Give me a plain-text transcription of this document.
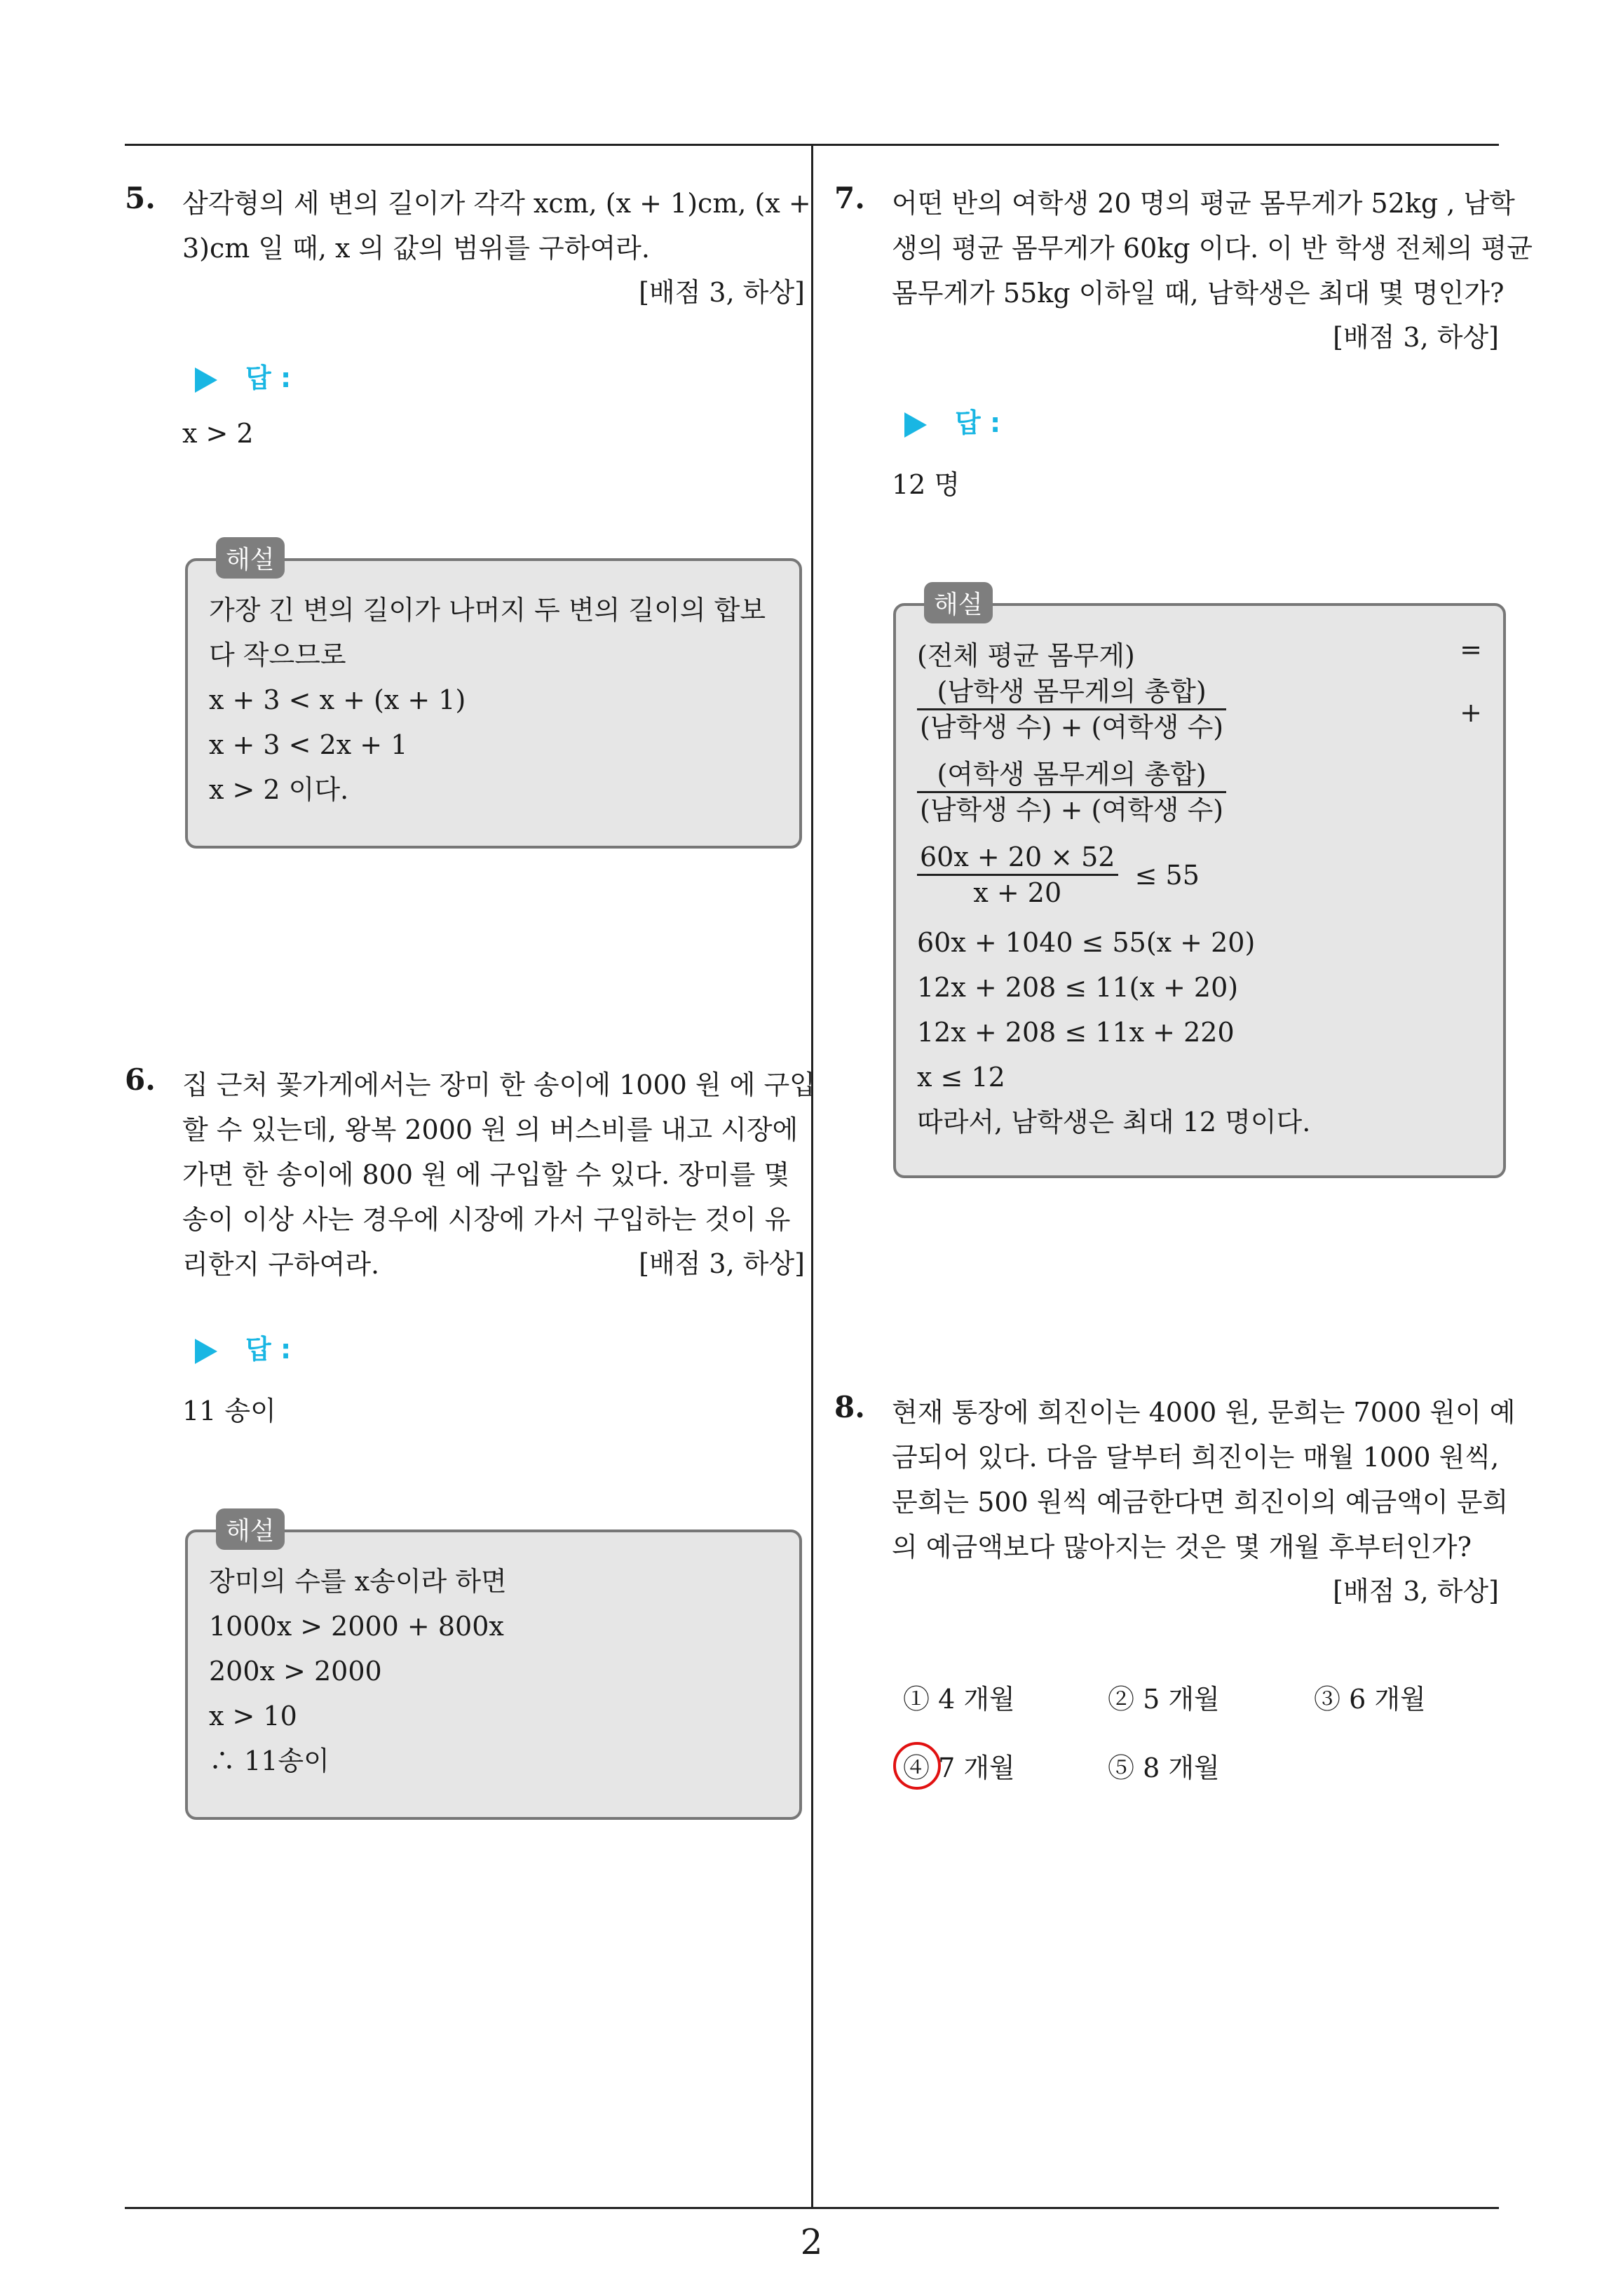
5. 삼각형의 세 변의 길이가 각각 xcm, (x + 1)cm, (x +

3)cm 일 때, x 의 값의 범위를 구하여라.

[배점 3, 하상]
답 :
x > 2
해설
가장 긴 변의 길이가 나머지 두 변의 길이의 합보
다 작으므로
x + 3 < x + (x + 1)
x + 3 < 2x + 1
x > 2 이다.
6. 집 근처 꽃가게에서는 장미 한 송이에 1000 원 에 구입

할 수 있는데, 왕복 2000 원 의 버스비를 내고 시장에

가면 한 송이에 800 원 에 구입할 수 있다. 장미를 몇

송이 이상 사는 경우에 시장에 가서 구입하는 것이 유

리한지 구하여라.	[배점 3, 하상]
답 :
11 송이
해설
장미의 수를 x송이라 하면
1000x > 2000 + 800x
200x > 2000
x > 10
∴ 11송이
7. 어떤 반의 여학생 20 명의 평균 몸무게가 52kg , 남학

생의 평균 몸무게가 60kg 이다. 이 반 학생 전체의 평균

몸무게가 55kg 이하일 때, 남학생은 최대 몇 명인가?

[배점 3, 하상]
답 :
12 명
해설
(전체 평균 몸무게)	=
(남학생 몸무게의 총합)
(남학생 수) + (여학생 수)	+
(여학생 몸무게의 총합)
(남학생 수) + (여학생 수)
$\frac{60x + 20 \times 52}{x + 20} \le 55$
60x + 1040 ≤ 55(x + 20)
12x + 208 ≤ 11(x + 20)
12x + 208 ≤ 11x + 220
x ≤ 12
따라서, 남학생은 최대 12 명이다.
8. 현재 통장에 희진이는 4000 원, 문희는 7000 원이 예

금되어 있다. 다음 달부터 희진이는 매월 1000 원씩,

문희는 500 원씩 예금한다면 희진이의 예금액이 문희

의 예금액보다 많아지는 것은 몇 개월 후부터인가?

[배점 3, 하상]
① 4 개월	② 5 개월	③ 6 개월
④ 7 개월	⑤ 8 개월
2
